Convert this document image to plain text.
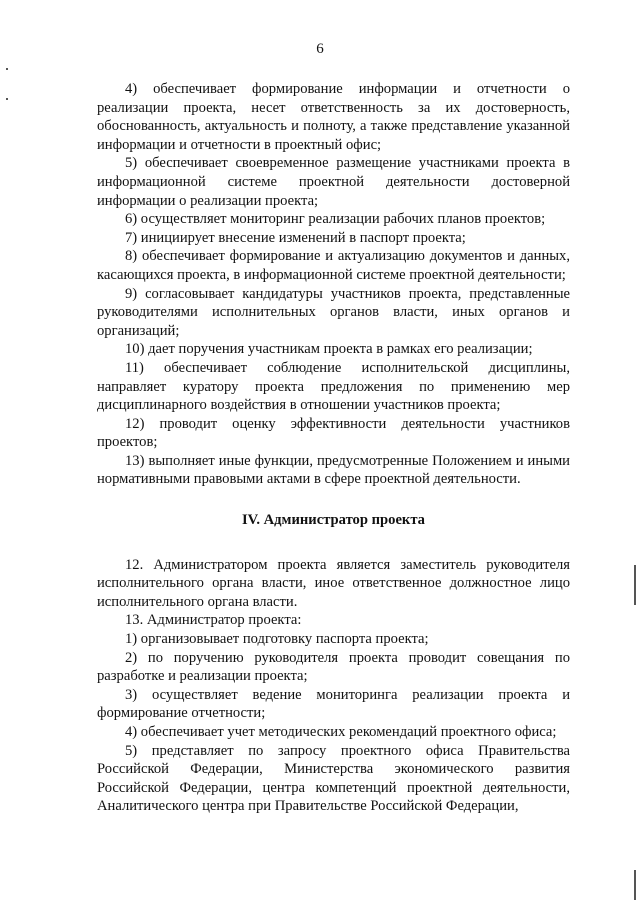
6

4) обеспечивает формирование информации и отчетности о реализации проекта, несет ответственность за их достоверность, обоснованность, актуальность и полноту, а также представление указанной информации и отчетности в проектный офис;

5) обеспечивает своевременное размещение участниками проекта в информационной системе проектной деятельности достоверной информации о реализации проекта;

6) осуществляет мониторинг реализации рабочих планов проектов;

7) инициирует внесение изменений в паспорт проекта;

8) обеспечивает формирование и актуализацию документов и данных, касающихся проекта, в информационной системе проектной деятельности;

9) согласовывает кандидатуры участников проекта, представленные руководителями исполнительных органов власти, иных органов и организаций;

10) дает поручения участникам проекта в рамках его реализации;

11) обеспечивает соблюдение исполнительской дисциплины, направляет куратору проекта предложения по применению мер дисциплинарного воздействия в отношении участников проекта;

12) проводит оценку эффективности деятельности участников проектов;

13) выполняет иные функции, предусмотренные Положением и иными нормативными правовыми актами в сфере проектной деятельности.

IV. Администратор проекта

12. Администратором проекта является заместитель руководителя исполнительного органа власти, иное ответственное должностное лицо исполнительного органа власти.

13. Администратор проекта:

1) организовывает подготовку паспорта проекта;

2) по поручению руководителя проекта проводит совещания по разработке и реализации проекта;

3) осуществляет ведение мониторинга реализации проекта и формирование отчетности;

4) обеспечивает учет методических рекомендаций проектного офиса;

5) представляет по запросу проектного офиса Правительства Российской Федерации, Министерства экономического развития Российской Федерации, центра компетенций проектной деятельности, Аналитического центра при Правительстве Российской Федерации,
